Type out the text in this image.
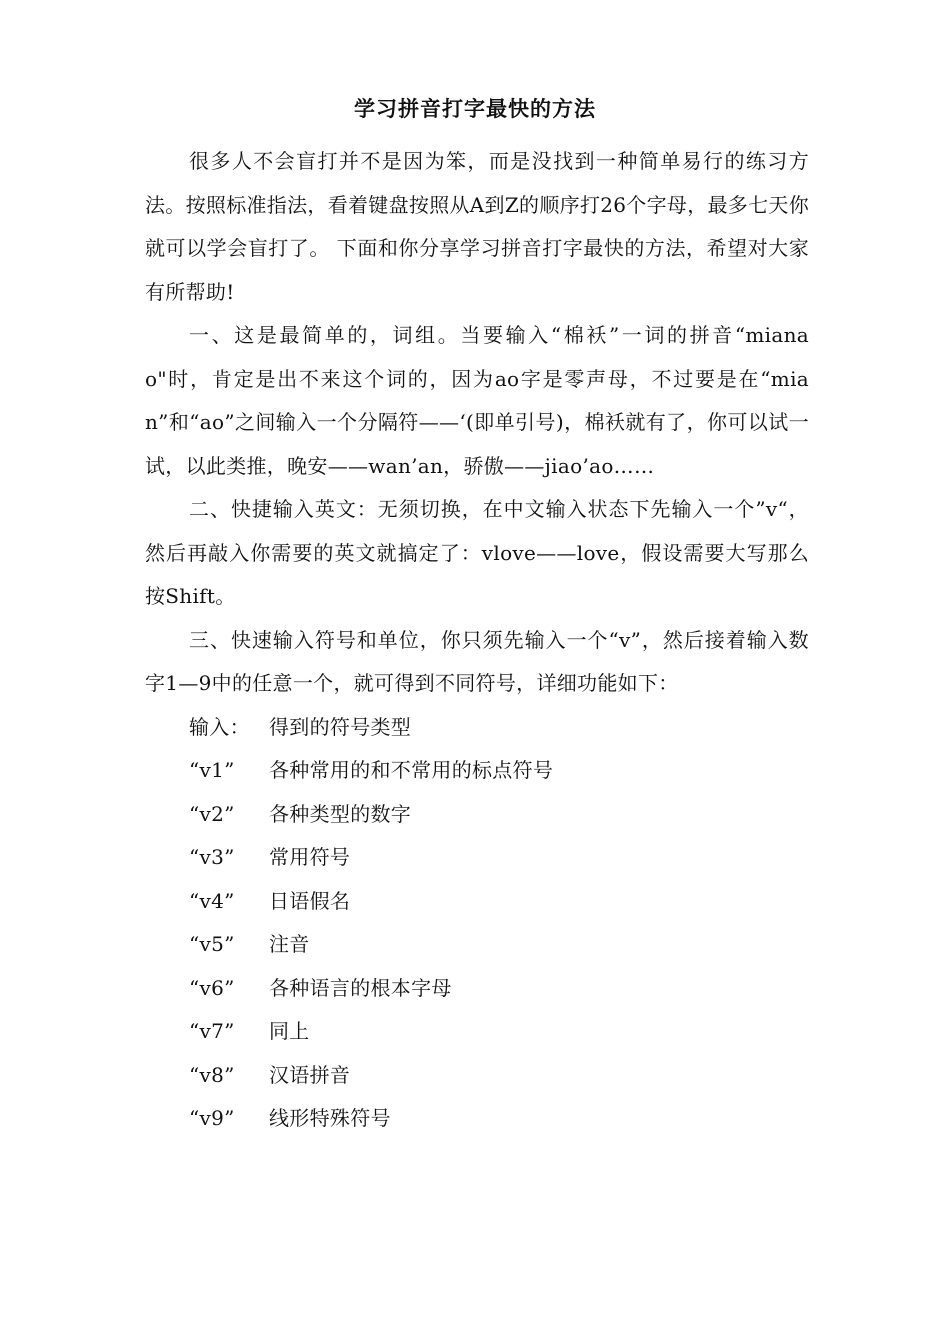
学习拼音打字最快的方法

很多人不会盲打并不是因为笨，而是没找到一种简单易行的练习方法。按照标准指法，看着键盘按照从A到Z的顺序打26个字母，最多七天你就可以学会盲打了。 下面和你分享学习拼音打字最快的方法，希望对大家有所帮助!

一、这是最简单的，词组。当要输入“棉袄”一词的拼音“mianao"时，肯定是出不来这个词的，因为ao字是零声母，不过要是在“mian”和“ao”之间输入一个分隔符——‘(即单引号)，棉袄就有了，你可以试一试，以此类推，晚安——wan’an，骄傲——jiao’ao……

二、快捷输入英文：无须切换，在中文输入状态下先输入一个”v“，然后再敲入你需要的英文就搞定了：vlove——love，假设需要大写那么按Shift。

三、快速输入符号和单位，你只须先输入一个“v”，然后接着输入数字1—9中的任意一个，就可得到不同符号，详细功能如下：

输入： 得到的符号类型
“v1”	各种常用的和不常用的标点符号
“v2”	各种类型的数字
“v3”	常用符号
“v4”	日语假名
“v5”	注音
“v6”	各种语言的根本字母
“v7”	同上
“v8”	汉语拼音
“v9”	线形特殊符号
